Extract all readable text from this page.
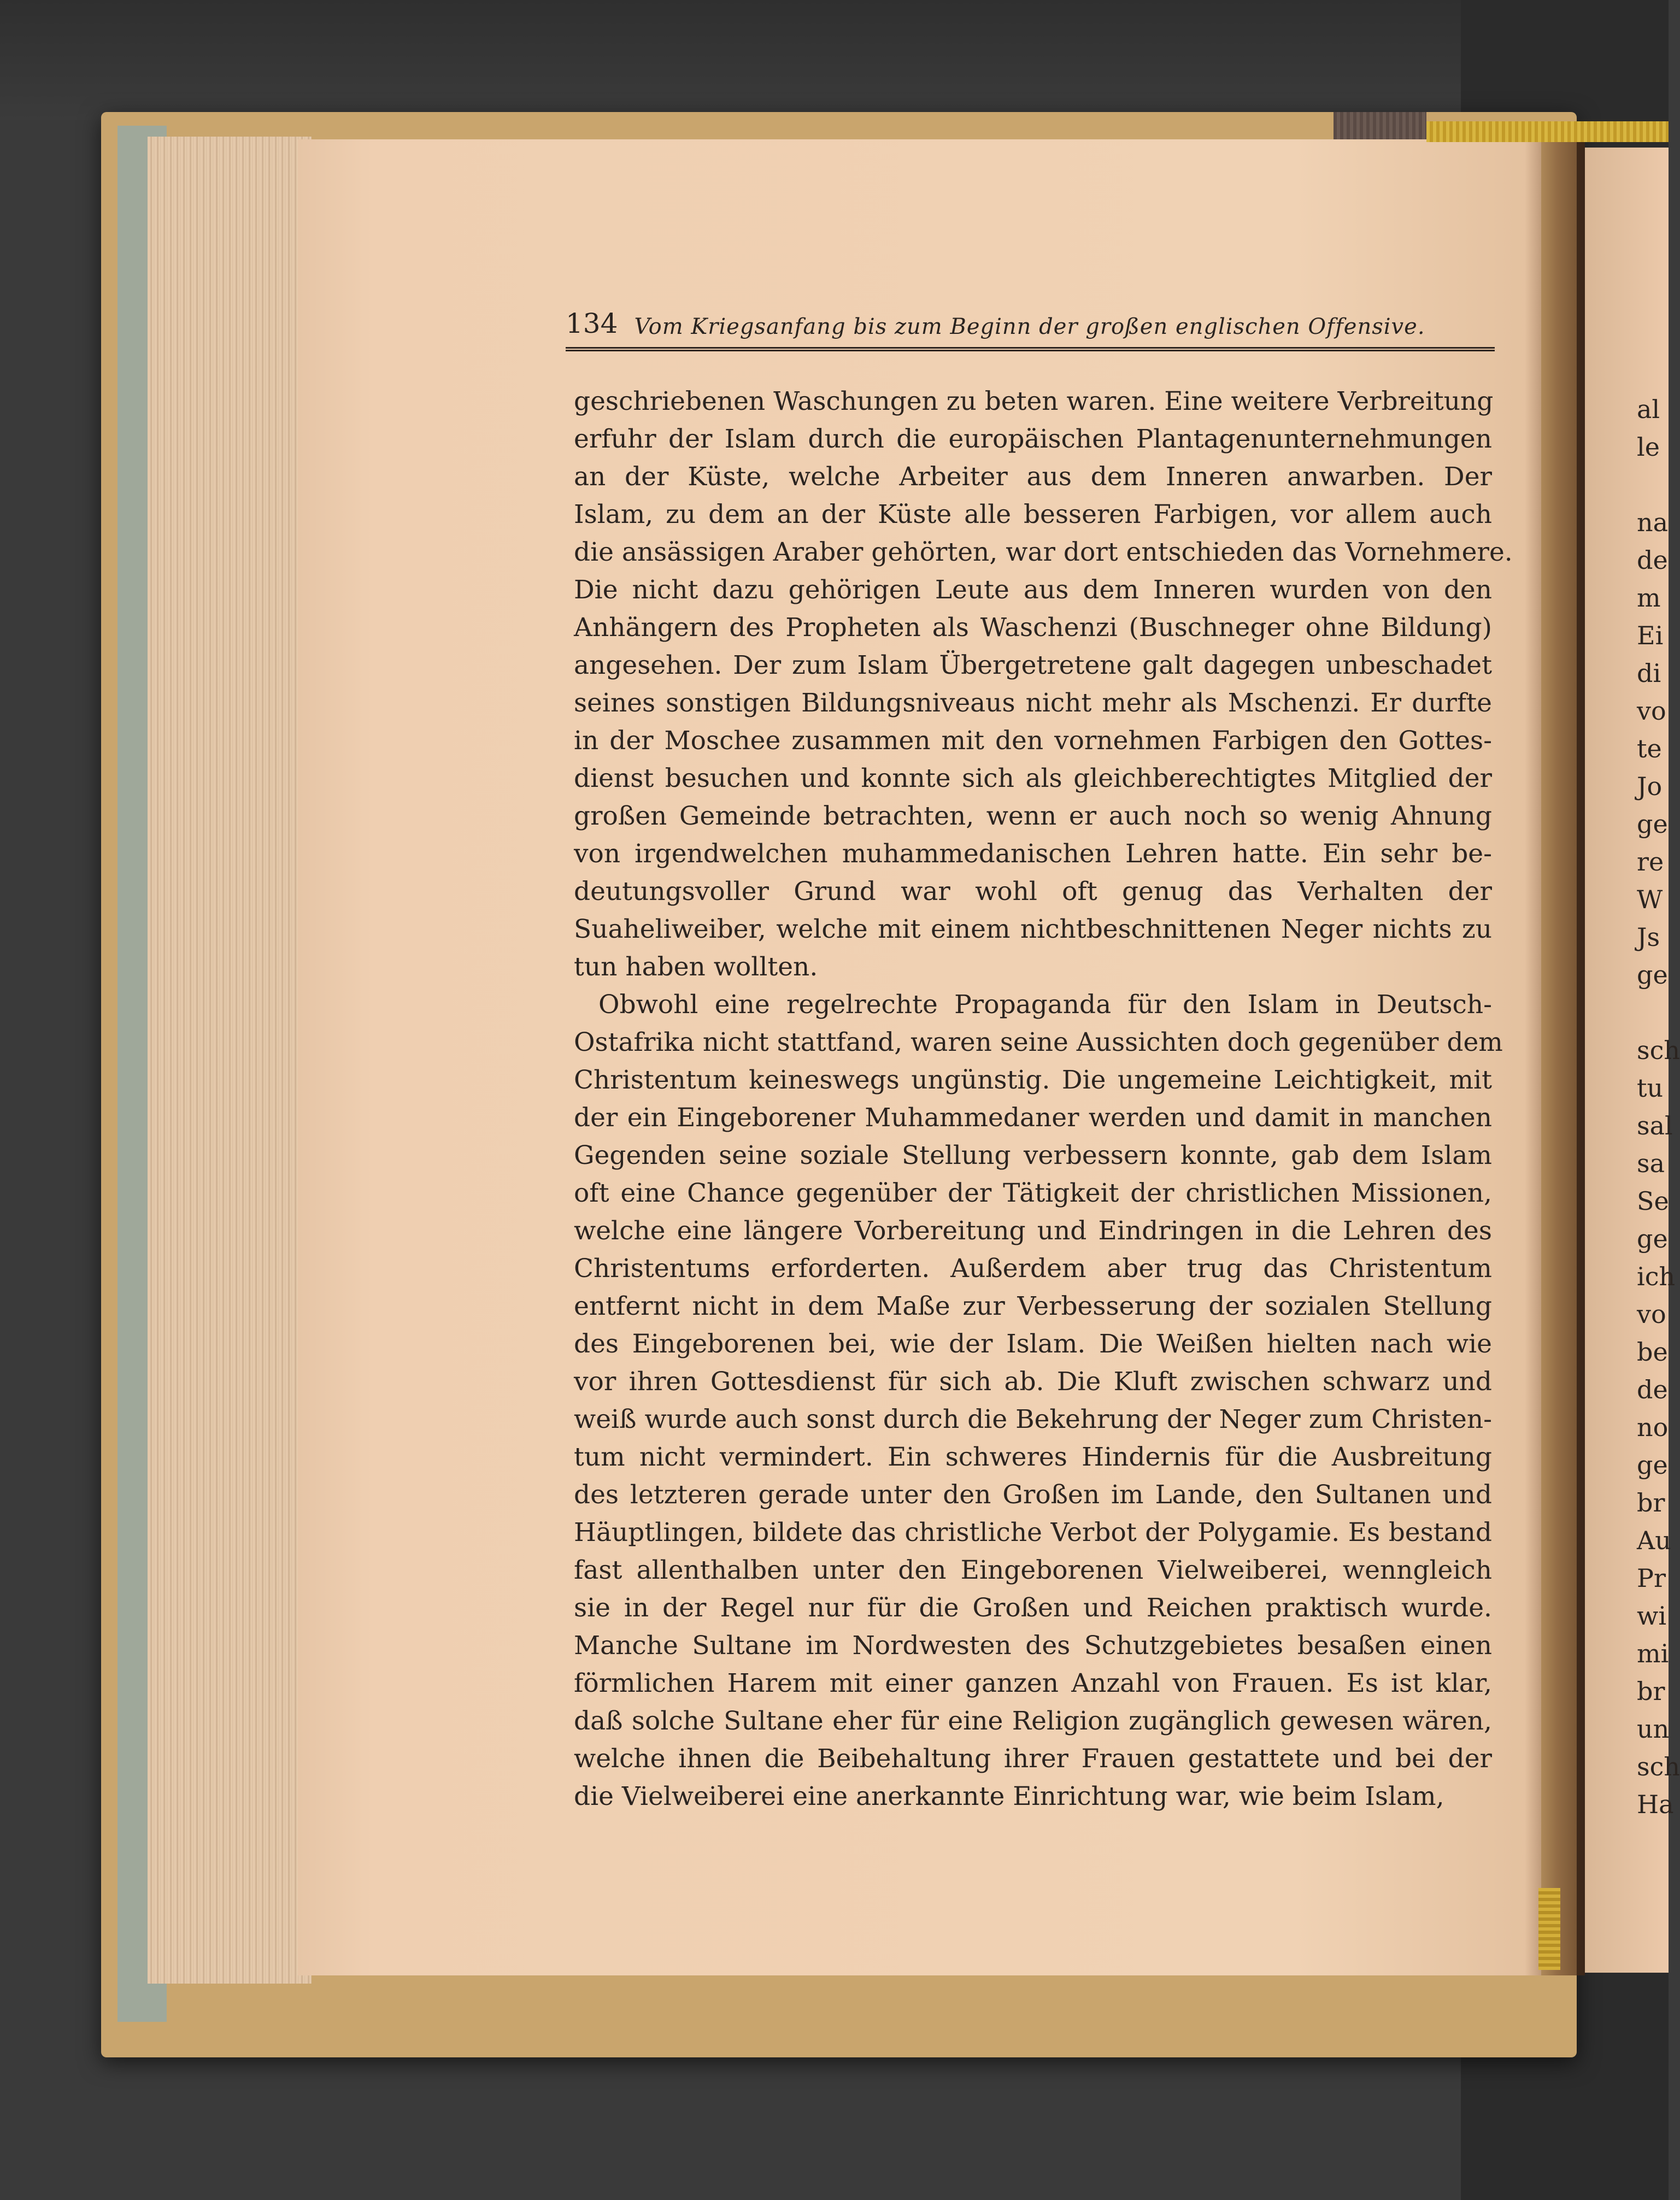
134 Vom Kriegsanfang bis zum Beginn der großen englischen Offensive.
geschriebenen Waschungen zu beten waren. Eine weitere Verbreitung
erfuhr der Islam durch die europäischen Plantagenunternehmungen
an der Küste, welche Arbeiter aus dem Inneren anwarben. Der
Islam, zu dem an der Küste alle besseren Farbigen, vor allem auch
die ansässigen Araber gehörten, war dort entschieden das Vornehmere.
Die nicht dazu gehörigen Leute aus dem Inneren wurden von den
Anhängern des Propheten als Waschenzi (Buschneger ohne Bildung)
angesehen. Der zum Islam Übergetretene galt dagegen unbeschadet
seines sonstigen Bildungsniveaus nicht mehr als Mschenzi. Er durfte
in der Moschee zusammen mit den vornehmen Farbigen den Gottes-
dienst besuchen und konnte sich als gleichberechtigtes Mitglied der
großen Gemeinde betrachten, wenn er auch noch so wenig Ahnung
von irgendwelchen muhammedanischen Lehren hatte. Ein sehr be-
deutungsvoller Grund war wohl oft genug das Verhalten der
Suaheliweiber, welche mit einem nichtbeschnittenen Neger nichts zu
tun haben wollten.
Obwohl eine regelrechte Propaganda für den Islam in Deutsch-
Ostafrika nicht stattfand, waren seine Aussichten doch gegenüber dem
Christentum keineswegs ungünstig. Die ungemeine Leichtigkeit, mit
der ein Eingeborener Muhammedaner werden und damit in manchen
Gegenden seine soziale Stellung verbessern konnte, gab dem Islam
oft eine Chance gegenüber der Tätigkeit der christlichen Missionen,
welche eine längere Vorbereitung und Eindringen in die Lehren des
Christentums erforderten. Außerdem aber trug das Christentum
entfernt nicht in dem Maße zur Verbesserung der sozialen Stellung
des Eingeborenen bei, wie der Islam. Die Weißen hielten nach wie
vor ihren Gottesdienst für sich ab. Die Kluft zwischen schwarz und
weiß wurde auch sonst durch die Bekehrung der Neger zum Christen-
tum nicht vermindert. Ein schweres Hindernis für die Ausbreitung
des letzteren gerade unter den Großen im Lande, den Sultanen und
Häuptlingen, bildete das christliche Verbot der Polygamie. Es bestand
fast allenthalben unter den Eingeborenen Vielweiberei, wenngleich
sie in der Regel nur für die Großen und Reichen praktisch wurde.
Manche Sultane im Nordwesten des Schutzgebietes besaßen einen
förmlichen Harem mit einer ganzen Anzahl von Frauen. Es ist klar,
daß solche Sultane eher für eine Religion zugänglich gewesen wären,
welche ihnen die Beibehaltung ihrer Frauen gestattete und bei der
die Vielweiberei eine anerkannte Einrichtung war, wie beim Islam,
al
le
na
de
m
Ei
di
vo
te
Jo
ge
re
W
Js
ge
sch
tu
sal
sa
Se
ge
ich
vo
be
de
no
ge
br
Au
Pr
wi
mi
br
un
sch
Ha
